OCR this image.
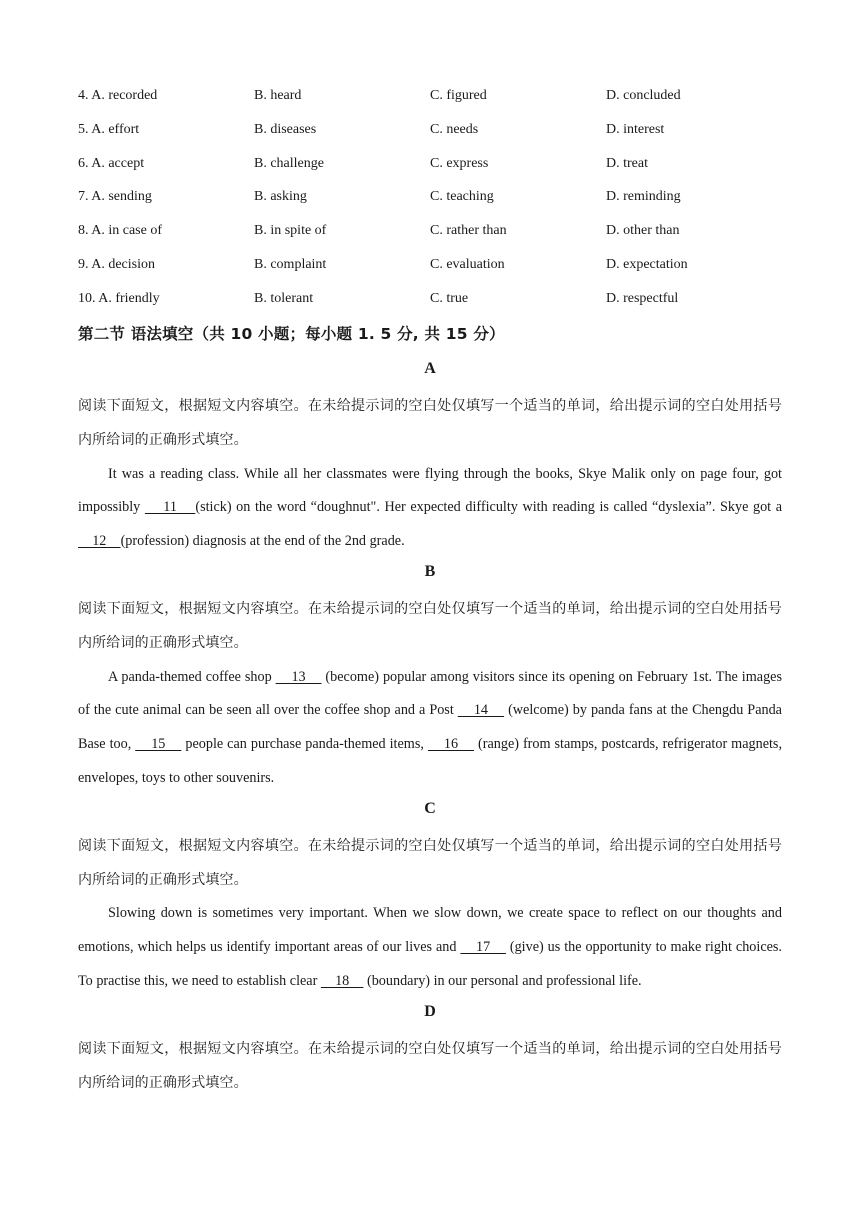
4. A. recorded	B. heard	C. figured	D. concluded
5. A. effort	B. diseases	C. needs	D. interest
6. A. accept	B. challenge	C. express	D. treat
7. A. sending	B. asking	C. teaching	D. reminding
8. A. in case of	B. in spite of	C. rather than	D. other than
9. A. decision	B. complaint	C. evaluation	D. expectation
10. A. friendly	B. tolerant	C. true	D. respectful
第二节 语法填空（共 10 小题；每小题 1. 5 分, 共 15 分）
A
阅读下面短文，根据短文内容填空。在未给提示词的空白处仅填写一个适当的单词，给出提示词的空白处用括号内所给词的正确形式填空。
It was a reading class. While all her classmates were flying through the books, Skye Malik only on page four, got impossibly     11    (stick) on the word “doughnut". Her expected difficulty with reading is called “dyslexia”. Skye got a     12    (profession) diagnosis at the end of the 2nd grade.
B
阅读下面短文，根据短文内容填空。在未给提示词的空白处仅填写一个适当的单词，给出提示词的空白处用括号内所给词的正确形式填空。
A panda-themed coffee shop     13     (become) popular among visitors since its opening on February 1st. The images of the cute animal can be seen all over the coffee shop and a Post     14     (welcome) by panda fans at the Chengdu Panda Base too,     15     people can purchase panda-themed items,     16     (range) from stamps, postcards, refrigerator magnets, envelopes, toys to other souvenirs.
C
阅读下面短文，根据短文内容填空。在未给提示词的空白处仅填写一个适当的单词，给出提示词的空白处用括号内所给词的正确形式填空。
Slowing down is sometimes very important. When we slow down, we create space to reflect on our thoughts and emotions, which helps us identify important areas of our lives and     17     (give) us the opportunity to make right choices. To practise this, we need to establish clear     18     (boundary) in our personal and professional life.
D
阅读下面短文，根据短文内容填空。在未给提示词的空白处仅填写一个适当的单词，给出提示词的空白处用括号内所给词的正确形式填空。
